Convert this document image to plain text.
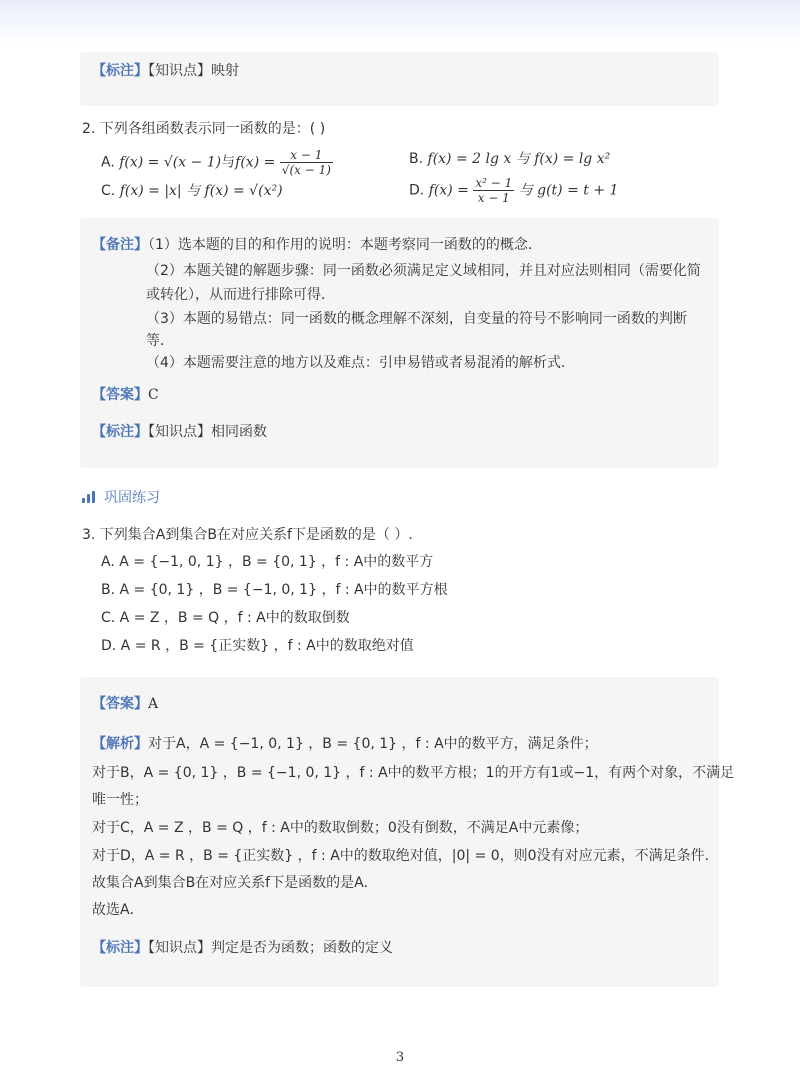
【标注】【知识点】映射
2. 下列各组函数表示同一函数的是：( )
A. f(x) = √(x − 1)与$f(x) = \frac{x - 1}{√(x - 1)}$	B. f(x) = 2 lg x 与 f(x) = lg x²
C. f(x) = |x| 与 f(x) = √(x²)	D. $f(x) = \frac{\text{x² − 1}}{x - 1}$ 与 g(t) = t + 1
【备注】（1）选本题的目的和作用的说明：本题考察同一函数的的概念．
（2）本题关键的解题步骤：同一函数必须满足定义域相同，并且对应法则相同（需要化简
或转化），从而进行排除可得．
（3）本题的易错点：同一函数的概念理解不深刻，自变量的符号不影响同一函数的判断
等．
（4）本题需要注意的地方以及难点：引申易错或者易混淆的解析式.
【答案】C
【标注】【知识点】相同函数
巩固练习
3. 下列集合A到集合B在对应关系f下是函数的是（ ）.
A. A = {−1, 0, 1} ，B = {0, 1} ，f : A中的数平方
B. A = {0, 1} ，B = {−1, 0, 1} ，f : A中的数平方根
C. A = Z ，B = Q ，f : A中的数取倒数
D. A = R ，B = {正实数} ，f : A中的数取绝对值
【答案】A
【解析】对于A，A = {−1, 0, 1} ，B = {0, 1} ，f : A中的数平方，满足条件；
对于B，A = {0, 1} ，B = {−1, 0, 1} ，f : A中的数平方根；1的开方有1或−1，有两个对象，不满足
唯一性；
对于C，A = Z ，B = Q ，f : A中的数取倒数；0没有倒数，不满足A中元素像；
对于D，A = R ，B = {正实数} ，f : A中的数取绝对值，|0| = 0，则0没有对应元素，不满足条件．
故集合A到集合B在对应关系f下是函数的是A．
故选A．
【标注】【知识点】判定是否为函数；函数的定义
3
